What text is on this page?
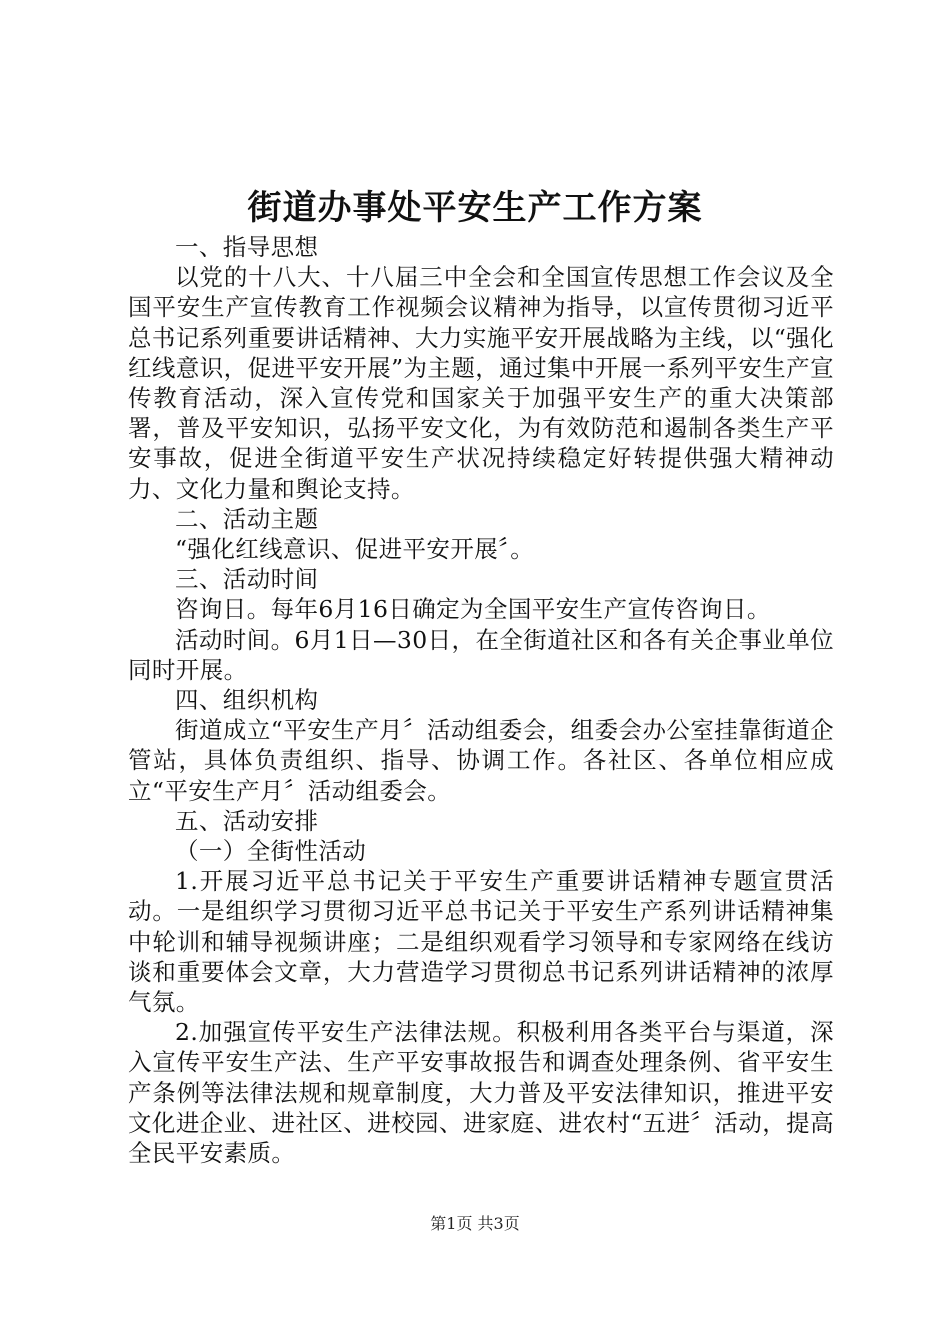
街道办事处平安生产工作方案

一、指导思想

以党的十八大、十八届三中全会和全国宣传思想工作会议及全国平安生产宣传教育工作视频会议精神为指导，以宣传贯彻习近平总书记系列重要讲话精神、大力实施平安开展战略为主线，以“强化红线意识，促进平安开展”为主题，通过集中开展一系列平安生产宣传教育活动，深入宣传党和国家关于加强平安生产的重大决策部署，普及平安知识，弘扬平安文化，为有效防范和遏制各类生产平安事故，促进全街道平安生产状况持续稳定好转提供强大精神动力、文化力量和舆论支持。

二、活动主题

“强化红线意识、促进平安开展〞。

三、活动时间

咨询日。每年6月16日确定为全国平安生产宣传咨询日。

活动时间。6月1日—30日，在全街道社区和各有关企事业单位同时开展。

四、组织机构

街道成立“平安生产月〞活动组委会，组委会办公室挂靠街道企管站，具体负责组织、指导、协调工作。各社区、各单位相应成立“平安生产月〞活动组委会。

五、活动安排

（一）全街性活动

1.开展习近平总书记关于平安生产重要讲话精神专题宣贯活动。一是组织学习贯彻习近平总书记关于平安生产系列讲话精神集中轮训和辅导视频讲座；二是组织观看学习领导和专家网络在线访谈和重要体会文章，大力营造学习贯彻总书记系列讲话精神的浓厚气氛。

2.加强宣传平安生产法律法规。积极利用各类平台与渠道，深入宣传平安生产法、生产平安事故报告和调查处理条例、省平安生产条例等法律法规和规章制度，大力普及平安法律知识，推进平安文化进企业、进社区、进校园、进家庭、进农村“五进〞活动，提高全民平安素质。

第1页 共3页
